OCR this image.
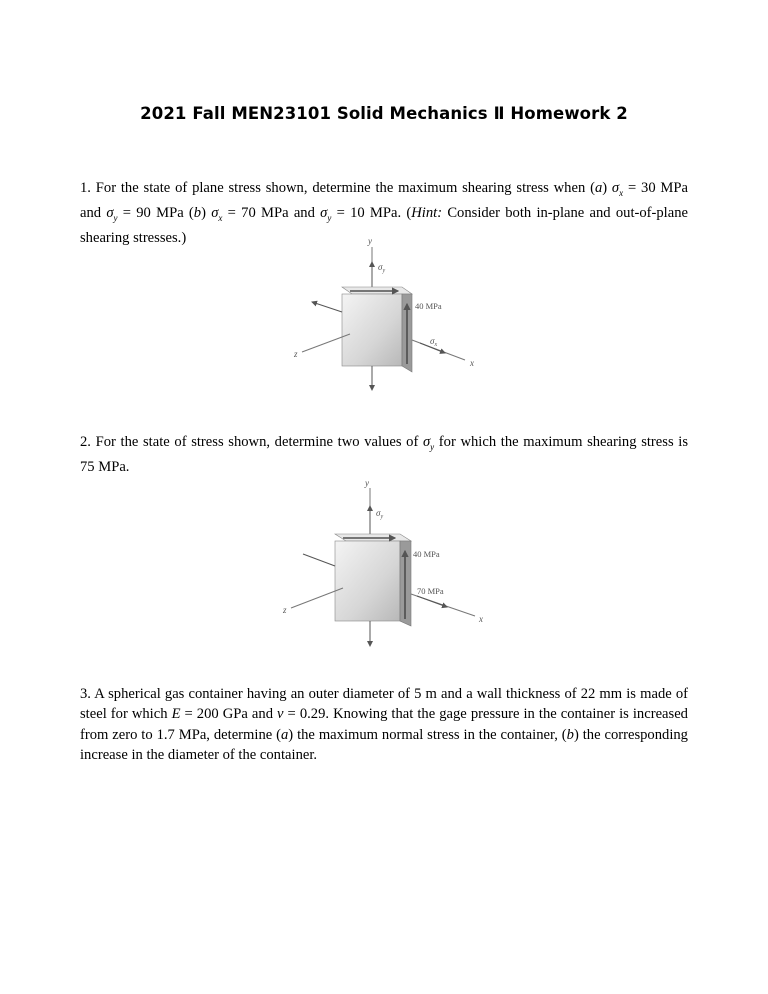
2021 Fall MEN23101 Solid Mechanics Ⅱ Homework 2
1. For the state of plane stress shown, determine the maximum shearing stress when (a) $\sigma_x = 30$ MPa and $\sigma_y = 90$ MPa (b) $\sigma_x = 70$ MPa and $\sigma_y = 10$ MPa. (Hint: Consider both in-plane and out-of-plane shearing stresses.)	y
$\sigma_y$
40 MPa
z
$\sigma_x$
x
2. For the state of stress shown, determine two values of $\sigma_y$ for which the maximum shearing stress is 75 MPa.
y
$\sigma_y$
40 MPa
z
70 MPa
x
3. A spherical gas container having an outer diameter of 5 m and a wall thickness of 22 mm is made of steel for which E = 200 GPa and v = 0.29. Knowing that the gage pressure in the container is increased from zero to 1.7 MPa, determine (a) the maximum normal stress in the container, (b) the corresponding increase in the diameter of the container.
